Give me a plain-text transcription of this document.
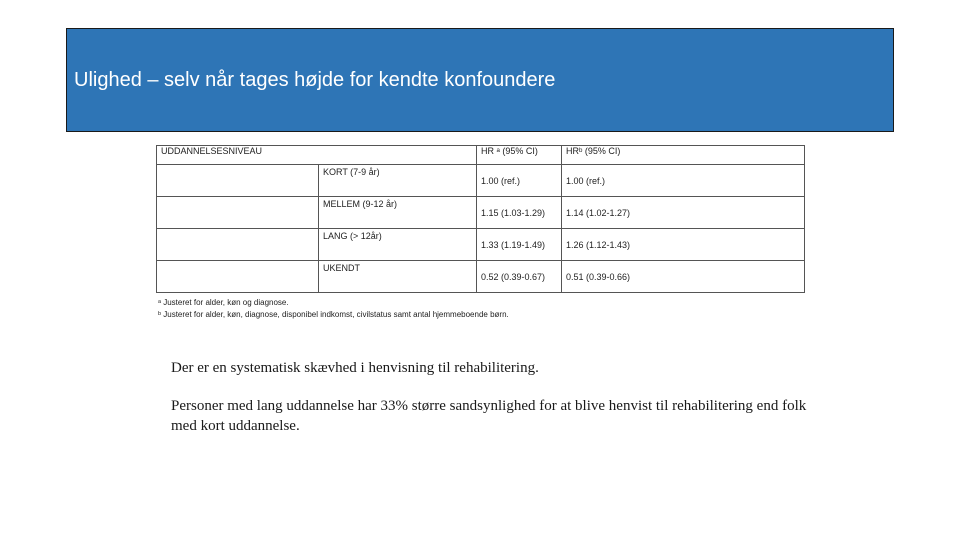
Ulighed – selv når tages højde for kendte konfoundere
UDDANNELSESNIVEAU		HR ᵃ (95% CI)	HRᵇ (95% CI)
	KORT (7-9 år)	1.00 (ref.)	1.00 (ref.)
	MELLEM (9-12 år)	1.15 (1.03-1.29)	1.14 (1.02-1.27)
	LANG (> 12år)	1.33 (1.19-1.49)	1.26 (1.12-1.43)
	UKENDT	0.52 (0.39-0.67)	0.51 (0.39-0.66)
ᵃ Justeret for alder, køn og diagnose.
ᵇ Justeret for alder, køn, diagnose, disponibel indkomst, civilstatus samt antal hjemmeboende børn.

Der er en systematisk skævhed i henvisning til rehabilitering.

Personer med lang uddannelse har 33% større sandsynlighed for at blive henvist til rehabilitering end folk med kort uddannelse.
